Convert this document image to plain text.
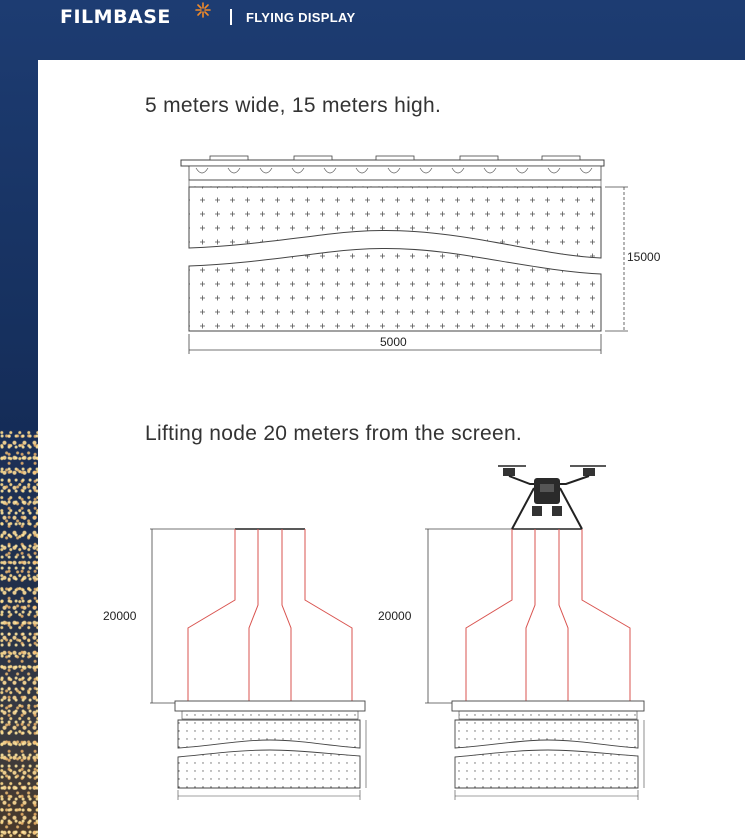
FILMBASE	FLYING DISPLAY
5 meters wide, 15 meters high.
Lifting node 20 meters from the screen.
15000
5000
20000	20000
